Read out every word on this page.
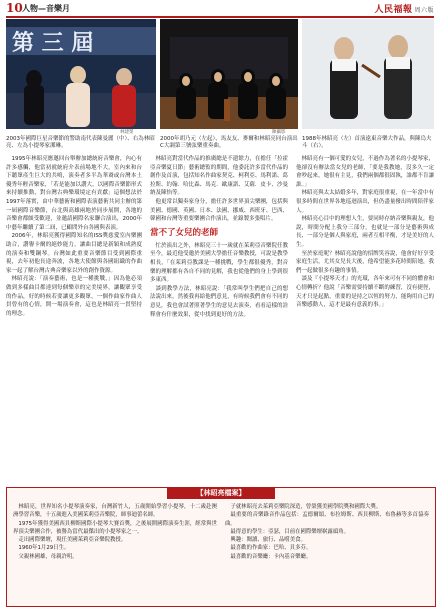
10 人物—音樂月	人民福報 周六版
第 三 屆
林建榮
2003年國際巨星音樂節的警助南代表陳曼麗（中）、右為林昭亮、左為小提琴家潔琳。
2000年胡乃元（左起）、馬友友、麥爾和林昭亮同台演出C大調第三號弦樂重奏曲。
陳攝影
1988年林昭亮（左）首演遠東音樂大作品，與陳烏夫斗（右）。

1995年林昭亮應邀回台舉辦加總統府音樂會，內心有許多感觸，他當初就統府介表前場地不大，室內來和台下聽眾產生巨大的共鳴，演奏者多半為華裔或台灣本土優秀年輕音樂家，「若是能加以讚大，以國際音樂節形式來持續推動，對台灣古典樂環境定有貢獻」這個想法於1997年落實，由中華藝術和國際表演藝術共同主辦的第一屆國際音樂節，台北與高雄兩地於同步展開，各地的音樂會都頗受歡迎，並邀請國際名家聯合演出，2000年中藝年繼續了第二屆，已顧問外台各國與表演。

2006年，林昭亮獲得國際知名的ISS獎慈愛室內樂團助合，讚譽卡爾的絕妙能力，讓曲目總是新穎和成熟度的演奏和雙鋼琴。台灣如此重要音樂節目受到國際重視，去年初他長途奔波，各地大使館與各國組織的作曲家一起了解台灣古典音樂家以外的創作資源。

林昭亮說：「演奏藝術，也是一種挑戰，」因為他必須做到多樣曲目都達到每個樂章的完美境界，讓觀眾享受的作品，好的時候若要讓更多觀眾，一個作曲家作曲人員曾有的心情，開一場演奏會，這也是林昭亮一貫堅持的理念。

林昭亮對當代作品的推廣總是不遺餘力，在擔任「拉霍亞音樂夏日節」藝術總監的期間，他委託許多當代作品的創作及首演，包括知名作曲家契克、柯利亞、馬利諾、葛拉斯、約翰．哈比森、馬克．歐康諾、艾薩．皮卡、沙曼納及陳怡等。

他更常以獨奏家身分，擔任許多世界頂尖樂團，包括與美國、德國、英國、日本、法國、挪威、西班牙、巴西、韓國和台灣等重要樂團合作演出，並錄製多張唱片。

當不了女兒的老師

忙於演出之外，林昭亮三十一歲就在茱莉亞音樂院任教至今，最近他受邀於美國大學擔任音樂教授，可說是教學相長，「在茱莉亞教課是一種挑戰，學生都很優秀，對音樂的理解都有各自不同的見解，我也從他們的身上學到很多東西。

談到教學方法，林昭亮說：「我常叫學生們把自己的想法說出來，然後我再給他們意見，有時候我們會有不同的意見，我也會試著照著學生的意見去演奏，看看這樣的詮釋會有什麼效果，從中找到更好的方法。

林昭亮有一個可愛的女兒，不過作為著名的小提琴家，他卻沒有辦法當女兒的老師，「要是我教她，沒多久一定會吵起來，她很有主見，我們兩個都很固執，誰都不肯讓誰。」

林昭亮與太太結婚多年，對家庭很重視，在一年當中有很多時間在世界各地巡迴演出，但仍盡量撥出時間陪伴家人。

林昭亮心目中的理想人生，要同時存納音樂與親友，他說，時間分配上我分三部分，也就是一部分是藝術與成長、一部分是個人與家庭，兩者互相平衡，才是美好的人生。

至於家庭呢？林昭亮說他的招牌笑容說，他會好好享受家庭生活，尤其女兒長大後，他希望能多花時間陪她，我們一起做很多有趣的事情。

談及『小提琴天才』的光環，各年來可有不同的體會和心情轉折？他說「音樂需要持續不斷的練習，沒有捷徑，天才只是起點，重要的是持之以恆的努力，能夠用自己的音樂感動人，這才是最有意義的事。」

【林昭亮檔案】

林昭亮，世界知名小提琴演奏家，台灣新竹人，五歲開始學習小提琴，十二歲赴澳洲學習音樂，十五歲進入美國茱莉亞音樂院，師事迪蕾名師。

1975年獲得美國西貝柳斯國際小提琴大賽首獎，之後展開國際演奏生涯，經常與世界頂尖樂團合作，被譽為當代最傑出的小提琴家之一。

走出國際樂壇，現任美國茱莉亞音樂院教授。

1960年1月29日生。

父親林國雄，母親許明。

子就林昭亮去茱莉亞樂院深造，曾榮獲美國學院獎和國際大獎。

最重要的音樂錄音作品包括：孟德爾頌、布拉姆斯、西貝柳斯、布魯赫等多首協奏曲。

最得意的學生：亞瑟，目前在國際樂壇嶄露頭角。

興趣：閱讀、旅行、品嚐美食。

最喜歡的作曲家：巴哈、貝多芬。

最喜歡的音樂廳：卡內基音樂廳。
